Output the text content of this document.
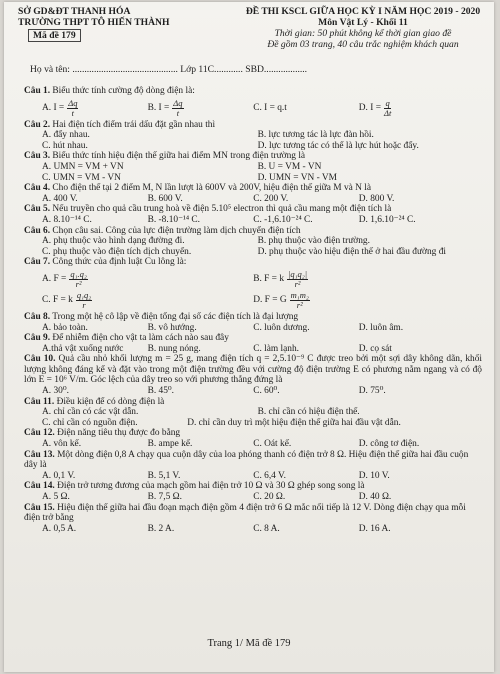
SỞ GD&ĐT THANH HÓA
TRƯỜNG THPT TÔ HIẾN THÀNH
Mã đề 179
ĐỀ THI KSCL GIỮA HỌC KỲ I NĂM HỌC 2019 - 2020
Môn Vật Lý - Khối 11
Thời gian: 50 phút không kể thời gian giao đề
Đề gồm 03 trang, 40 câu trắc nghiệm khách quan
Họ và tên: ............................................ Lớp 11C............ SBD..................

Câu 1. Biểu thức tính cường độ dòng điện là:

A. $I = \frac{\Delta q}{t}$	B. $I = \frac{\Delta q}{t}$	C. I = q.t	D. $I = \frac{q}{\Delta t}$

Câu 2. Hai điện tích điểm trái dấu đặt gần nhau thì

A. đẩy nhau.	B. lực tương tác là lực đàn hồi.
C. hút nhau.	D. lực tương tác có thể là lực hút hoặc đẩy.

Câu 3. Biểu thức tính hiệu điện thế giữa hai điểm MN trong điện trường là

A. UMN = VM + VN	B. U = VM - VN
C. UMN = VM - VN	D. UMN = VN - VM

Câu 4. Cho điện thế tại 2 điểm M, N lần lượt là 600V và 200V, hiệu điện thế giữa M và N là

A. 400 V.	B. 600 V.	C. 200 V.	D. 800 V.

Câu 5. Nếu truyền cho quả cầu trung hoà về điện 5.10⁵ electron thì quả cầu mang một điện tích là

A. 8.10⁻¹⁴ C.	B. -8.10⁻¹⁴ C.	C. -1,6.10⁻²⁴ C.	D. 1,6.10⁻²⁴ C.

Câu 6. Chọn câu sai. Công của lực điện trường làm dịch chuyển điện tích

A. phụ thuộc vào hình dạng đường đi.	B. phụ thuộc vào điện trường.
C. phụ thuộc vào điện tích dịch chuyển.	D. phụ thuộc vào hiệu điện thế ở hai đầu đường đi

Câu 7. Công thức của định luật Cu lông là:

A. $F = \frac{\text{q₁.q₂}}{\text{r²}}$	B. F = k $\frac{\text{|q₁q₂|}}{\text{r²}}$
C. F = k $\frac{\text{q₁q₂}}{r}$	D. F = G $\frac{\text{m₁m₂}}{\text{r²}}$

Câu 8. Trong một hệ cô lập về điện tổng đại số các điện tích là đại lượng

A. bảo toàn.	B. vô hướng.	C. luôn dương.	D. luôn âm.

Câu 9. Để nhiễm điện cho vật ta làm cách nào sau đây

A.thả vật xuống nước	B. nung nóng.	C. làm lạnh.	D. cọ sát

Câu 10. Quả cầu nhỏ khối lượng m = 25 g, mang điện tích q = 2,5.10⁻⁹ C được treo bởi một sợi dây không dãn, khối lượng không đáng kể và đặt vào trong một điện trường đều với cường độ điện trường E có phương nằm ngang và có độ lớn E = 10⁶ V/m. Góc lệch của dây treo so với phương thẳng đứng là

A. 30⁰.	B. 45⁰.	C. 60⁰.	D. 75⁰.

Câu 11. Điều kiện để có dòng điện là

A. chỉ cần có các vật dẫn.	B. chỉ cần có hiệu điện thế.
C. chỉ cần có nguồn điện.	D. chỉ cần duy trì một hiệu điện thế giữa hai đầu vật dẫn.

Câu 12. Điện năng tiêu thụ được đo bằng

A. vôn kế.	B. ampe kế.	C. Oát kế.	D. công tơ điện.

Câu 13. Một dòng điện 0,8 A chạy qua cuộn dây của loa phóng thanh có điện trở 8 Ω. Hiệu điện thế giữa hai đầu cuộn dây là

A. 0,1 V.	B. 5,1 V.	C. 6,4 V.	D. 10 V.

Câu 14. Điện trở tương đương của mạch gồm hai điện trở 10 Ω và 30 Ω ghép song song là

A. 5 Ω.	B. 7,5 Ω.	C. 20 Ω.	D. 40 Ω.

Câu 15. Hiệu điện thế giữa hai đầu đoạn mạch điện gồm 4 điện trở 6 Ω mắc nối tiếp là 12 V. Dòng điện chạy qua mỗi điện trở bằng

A. 0,5 A.	B. 2 A.	C. 8 A.	D. 16 A.
Trang 1/ Mã đề 179
